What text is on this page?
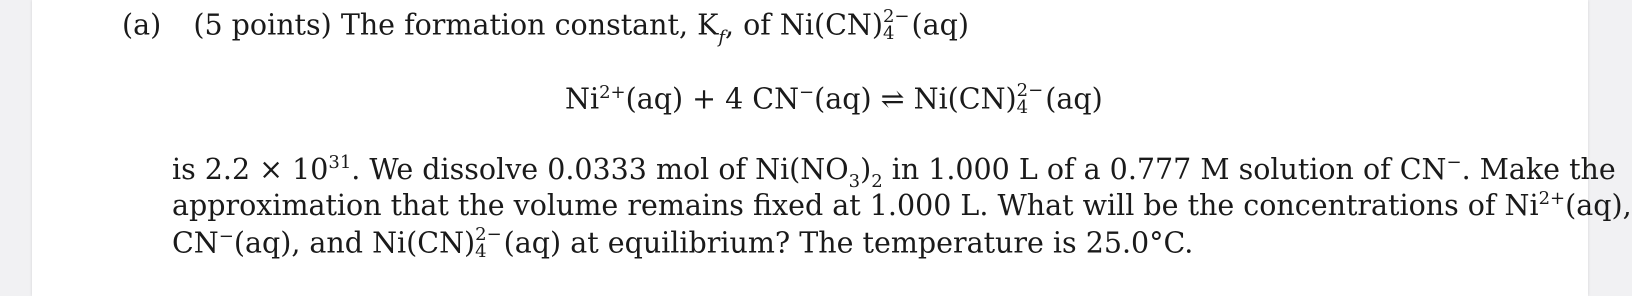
(a) (5 points) The formation constant, $K_f$, of Ni(CN) 2−
4 (aq)
$Ni^{2+}(aq) + 4$ CN−(aq) ⇌ Ni(CN) 2−
4 (aq)
is $2.2 \times 10^{31}$. We dissolve 0.0333 mol of $Ni(NO_3)_2$ in 1.000 L of a 0.777 M solution of CN−. Make the
approximation that the volume remains fixed at 1.000 L. What will be the concentrations of $Ni^{2+}(aq)$,
CN−(aq), and Ni(CN) 2−
4 (aq) at equilibrium? The temperature is 25.0°C.
